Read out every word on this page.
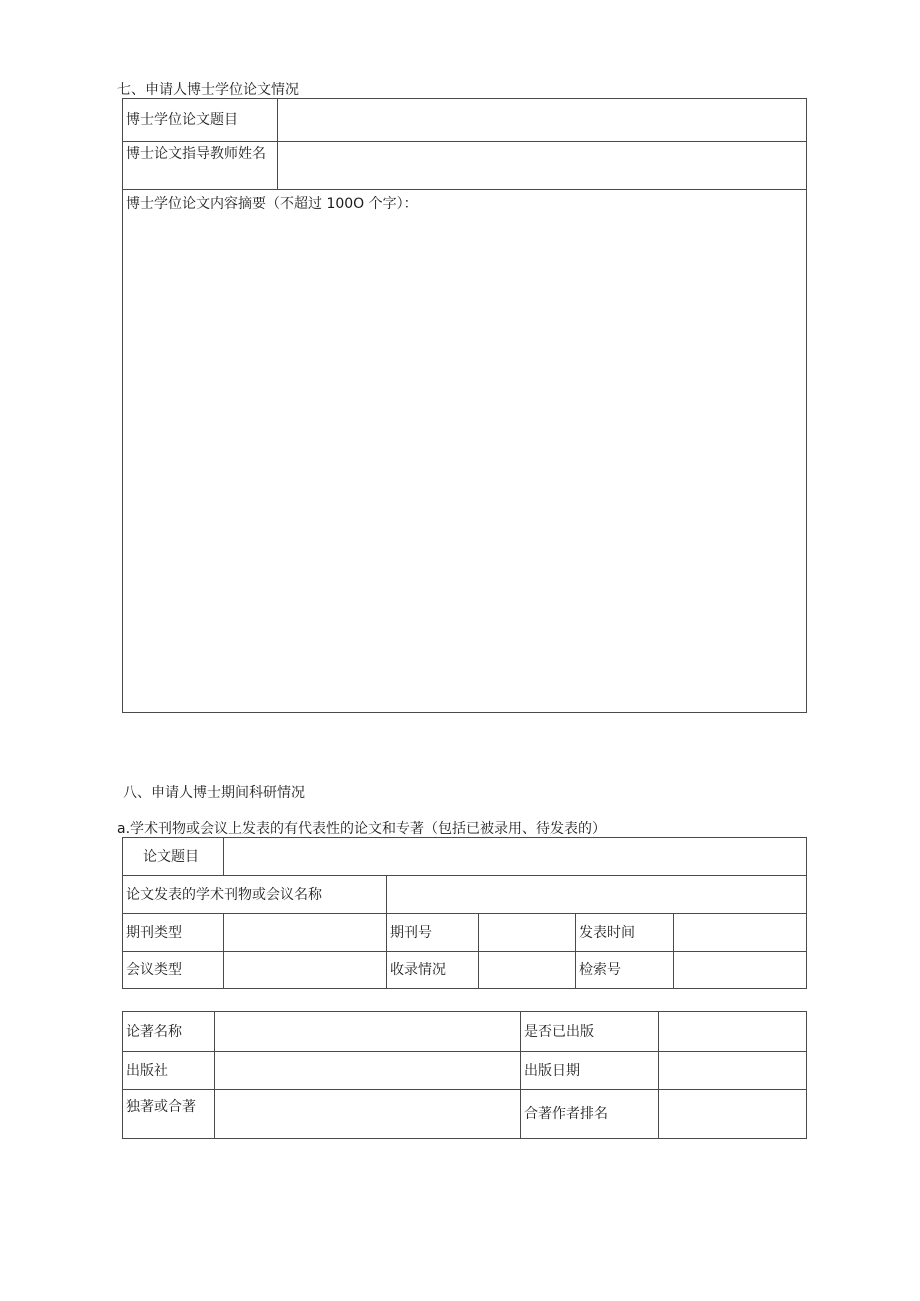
七、申请人博士学位论文情况
博士学位论文题目
博士论文指导教师姓名
博士学位论文内容摘要（不超过 100O 个字）：
八、申请人博士期间科研情况
a.学术刊物或会议上发表的有代表性的论文和专著（包括已被录用、待发表的）
论文题目
论文发表的学术刊物或会议名称
期刊类型	期刊号	发表时间
会议类型	收录情况	检索号
论著名称	是否已出版
出版社	出版日期
独著或合著	合著作者排名
